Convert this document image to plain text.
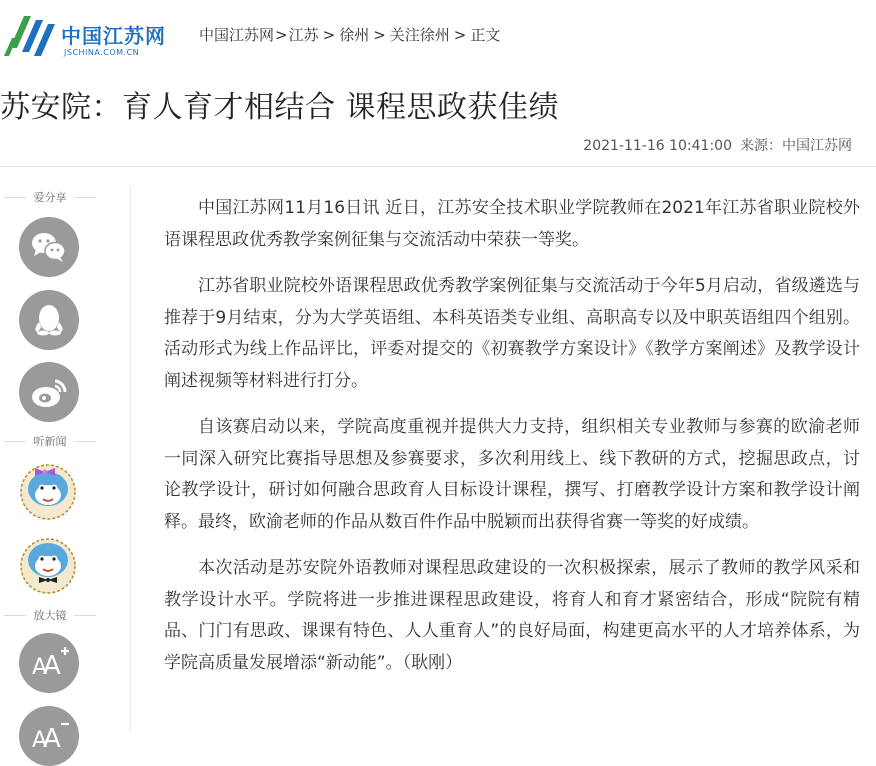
中国江苏网
JSCHINA.COM.CN
中国江苏网>江苏 > 徐州 > 关注徐州 > 正文
苏安院：育人育才相结合 课程思政获佳绩
2021-11-16 10:41:00 来源：中国江苏网
爱分享
听新闻
放大镜
A
A
A
A

中国江苏网11月16日讯 近日，江苏安全技术职业学院教师在2021年江苏省职业院校外语课程思政优秀教学案例征集与交流活动中荣获一等奖。

江苏省职业院校外语课程思政优秀教学案例征集与交流活动于今年5月启动，省级遴选与推荐于9月结束，分为大学英语组、本科英语类专业组、高职高专以及中职英语组四个组别。活动形式为线上作品评比，评委对提交的《初赛教学方案设计》《教学方案阐述》及教学设计阐述视频等材料进行打分。

自该赛启动以来，学院高度重视并提供大力支持，组织相关专业教师与参赛的欧渝老师一同深入研究比赛指导思想及参赛要求，多次利用线上、线下教研的方式，挖掘思政点，讨论教学设计，研讨如何融合思政育人目标设计课程，撰写、打磨教学设计方案和教学设计阐释。最终，欧渝老师的作品从数百件作品中脱颖而出获得省赛一等奖的好成绩。

本次活动是苏安院外语教师对课程思政建设的一次积极探索，展示了教师的教学风采和教学设计水平。学院将进一步推进课程思政建设，将育人和育才紧密结合，形成“院院有精品、门门有思政、课课有特色、人人重育人”的良好局面，构建更高水平的人才培养体系，为学院高质量发展增添“新动能”。（耿刚）
